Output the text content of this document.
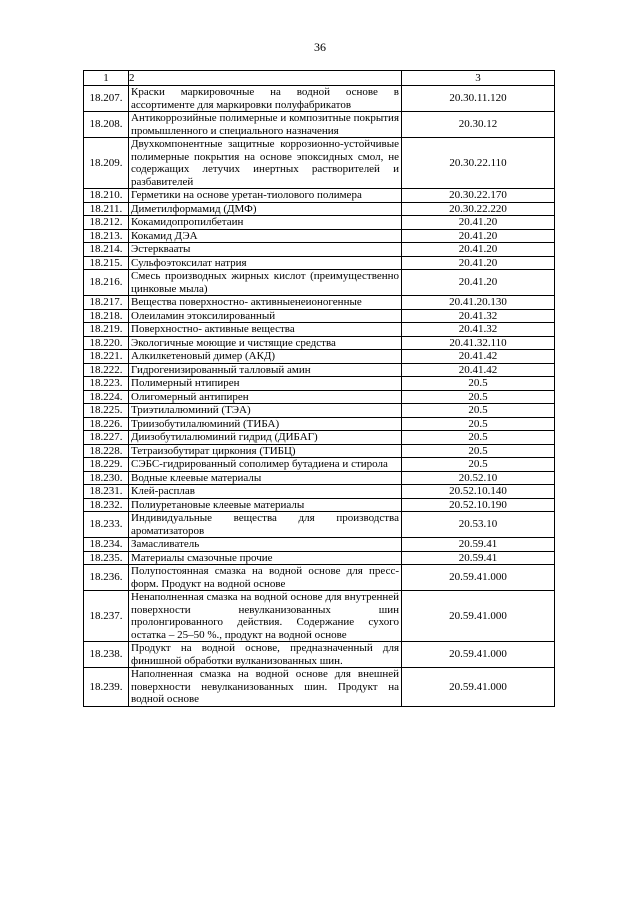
36
1	2	3
18.207.	Краски маркировочные на водной основе в ассортименте для маркировки полуфабрикатов	20.30.11.120
18.208.	Антикоррозийные полимерные и композитные покрытия промышленного и специального назначения	20.30.12
18.209.	Двухкомпонентные защитные коррозионно-устойчивые полимерные покрытия на основе эпоксидных смол, не содержащих летучих инертных растворителей и разбавителей	20.30.22.110
18.210.	Герметики на основе уретан-тиолового полимера	20.30.22.170
18.211.	Диметилформамид (ДМФ)	20.30.22.220
18.212.	Кокамидопропилбетаин	20.41.20
18.213.	Кокамид ДЭА	20.41.20
18.214.	Эстерквааты	20.41.20
18.215.	Сульфоэтоксилат натрия	20.41.20
18.216.	Смесь производных жирных кислот (преимущественно цинковые мыла)	20.41.20
18.217.	Вещества поверхностно- активныенеионогенные	20.41.20.130
18.218.	Олеиламин этоксилированный	20.41.32
18.219.	Поверхностно- активные вещества	20.41.32
18.220.	Экологичные моющие и чистящие средства	20.41.32.110
18.221.	Алкилкетеновый димер (АКД)	20.41.42
18.222.	Гидрогенизированный талловый амин	20.41.42
18.223.	Полимерный нтипирен	20.5
18.224.	Олигомерный антипирен	20.5
18.225.	Триэтилалюминий (ТЭА)	20.5
18.226.	Триизобутилалюминий (ТИБА)	20.5
18.227.	Диизобутилалюминий гидрид (ДИБАГ)	20.5
18.228.	Тетраизобутират циркония (ТИБЦ)	20.5
18.229.	СЭБС-гидрированный сополимер бутадиена и стирола	20.5
18.230.	Водные клеевые материалы	20.52.10
18.231.	Клей-расплав	20.52.10.140
18.232.	Полиуретановые клеевые материалы	20.52.10.190
18.233.	Индивидуальные вещества для производства ароматизаторов	20.53.10
18.234.	Замасливатель	20.59.41
18.235.	Материалы смазочные прочие	20.59.41
18.236.	Полупостоянная смазка на водной основе для пресс-форм. Продукт на водной основе	20.59.41.000
18.237.	Ненаполненная смазка на водной основе для внутренней поверхности невулканизованных шин пролонгированного действия. Содержание сухого остатка – 25–50 %., продукт на водной основе	20.59.41.000
18.238.	Продукт на водной основе, предназначенный для финишной обработки вулканизованных шин.	20.59.41.000
18.239.	Наполненная смазка на водной основе для внешней поверхности невулканизованных шин. Продукт на водной основе	20.59.41.000
